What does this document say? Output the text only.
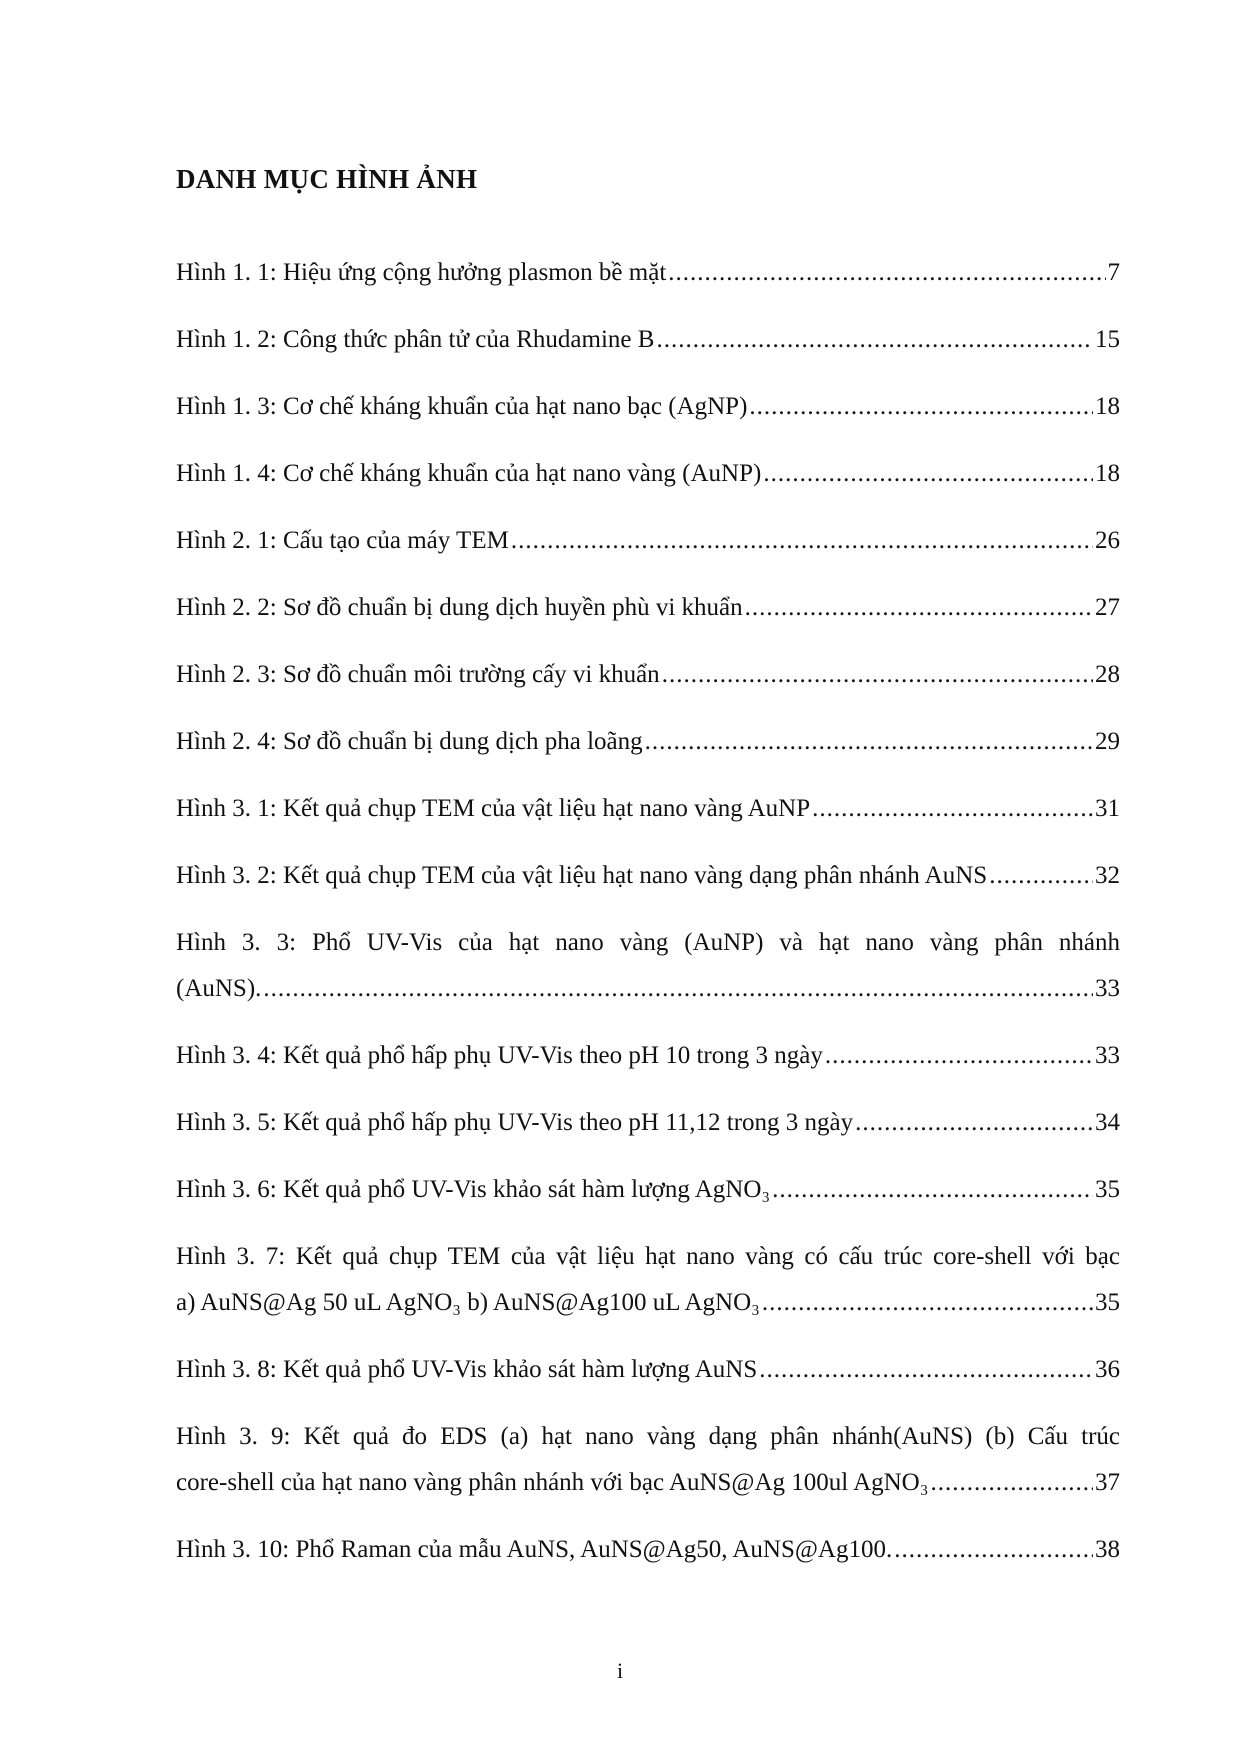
DANH MỤC HÌNH ẢNH
Hình 1. 1: Hiệu ứng cộng hưởng plasmon bề mặt .....	7
Hình 1. 2: Công thức phân tử của Rhudamine B .....	15
Hình 1. 3: Cơ chế kháng khuẩn của hạt nano bạc (AgNP) .....	18
Hình 1. 4: Cơ chế kháng khuẩn của hạt nano vàng (AuNP) .....	18
Hình 2. 1: Cấu tạo của máy TEM .....	26
Hình 2. 2: Sơ đồ chuẩn bị dung dịch huyền phù vi khuẩn .....	27
Hình 2. 3: Sơ đồ chuẩn môi trường cấy vi khuẩn .....	28
Hình 2. 4: Sơ đồ chuẩn bị dung dịch pha loãng .....	29
Hình 3. 1: Kết quả chụp TEM của vật liệu hạt nano vàng AuNP .....	31
Hình 3. 2: Kết quả chụp TEM của vật liệu hạt nano vàng dạng phân nhánh AuNS .....	32
Hình 3. 3: Phổ UV-Vis của hạt nano vàng (AuNP) và hạt nano vàng phân nhánh
(AuNS). .....	33
Hình 3. 4: Kết quả phổ hấp phụ UV-Vis theo pH 10 trong 3 ngày .....	33
Hình 3. 5: Kết quả phổ hấp phụ UV-Vis theo pH 11,12 trong 3 ngày .....	34
Hình 3. 6: Kết quả phổ UV-Vis khảo sát hàm lượng AgNO₃ .....	35
Hình 3. 7: Kết quả chụp TEM của vật liệu hạt nano vàng có cấu trúc core-shell với bạc
a) AuNS@Ag 50 uL AgNO₃ b) AuNS@Ag100 uL AgNO₃ .....	35
Hình 3. 8: Kết quả phổ UV-Vis khảo sát hàm lượng AuNS .....	36
Hình 3. 9: Kết quả đo EDS (a) hạt nano vàng dạng phân nhánh(AuNS) (b) Cấu trúc
core-shell của hạt nano vàng phân nhánh với bạc AuNS@Ag 100ul AgNO₃ .....	37
Hình 3. 10: Phổ Raman của mẫu AuNS, AuNS@Ag50, AuNS@Ag100. .....	38
i
